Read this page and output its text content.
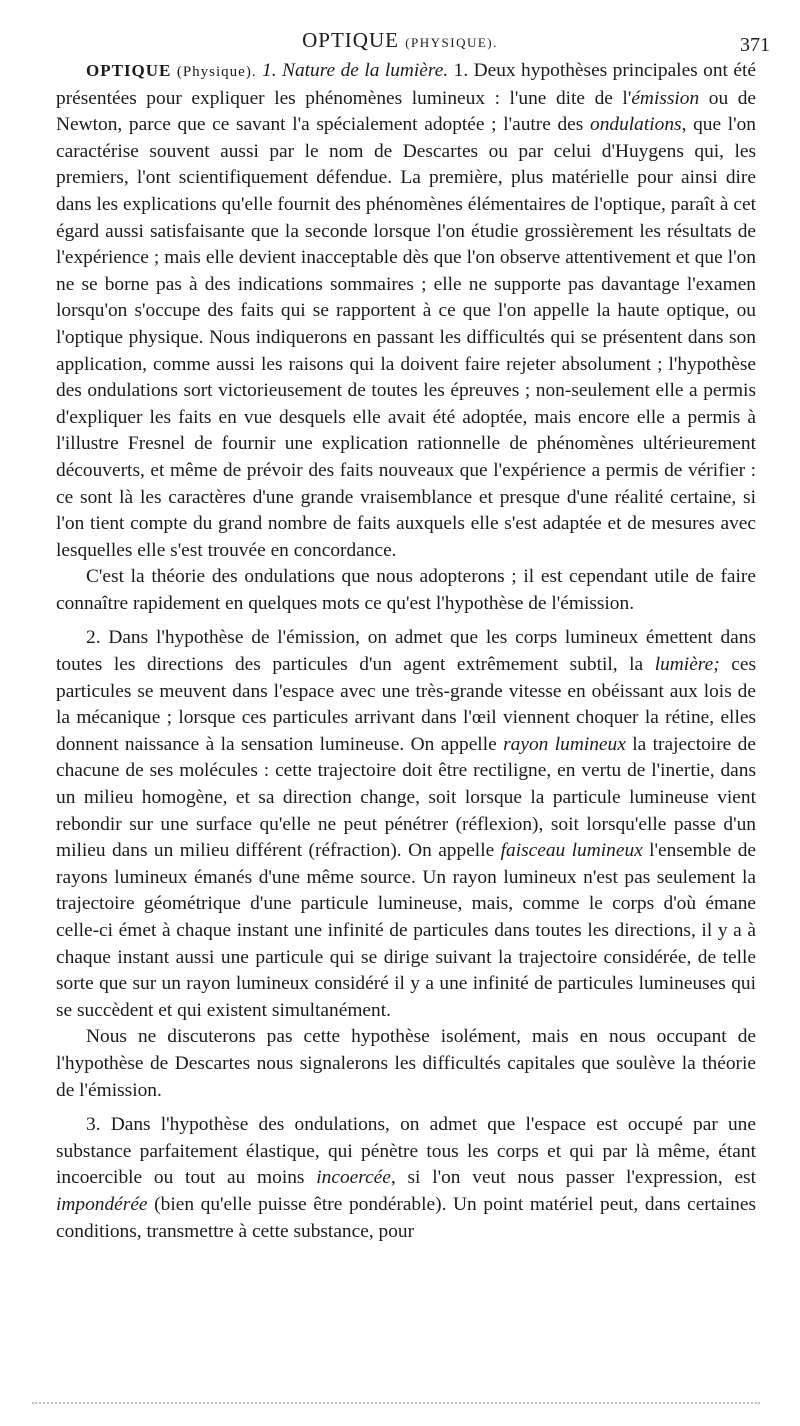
OPTIQUE (PHYSIQUE).	371

OPTIQUE (Physique). 1. Nature de la lumière. 1. Deux hypothèses principales ont été présentées pour expliquer les phénomènes lumineux : l'une dite de l'émission ou de Newton, parce que ce savant l'a spécialement adoptée ; l'autre des ondulations, que l'on caractérise souvent aussi par le nom de Descartes ou par celui d'Huygens qui, les premiers, l'ont scientifiquement défendue. La première, plus matérielle pour ainsi dire dans les explications qu'elle fournit des phénomènes élémentaires de l'optique, paraît à cet égard aussi satisfaisante que la seconde lorsque l'on étudie grossièrement les résultats de l'expérience ; mais elle devient inacceptable dès que l'on observe attentivement et que l'on ne se borne pas à des indications sommaires ; elle ne supporte pas davantage l'examen lorsqu'on s'occupe des faits qui se rapportent à ce que l'on appelle la haute optique, ou l'optique physique. Nous indiquerons en passant les difficultés qui se présentent dans son application, comme aussi les raisons qui la doivent faire rejeter absolument ; l'hypothèse des ondulations sort victorieusement de toutes les épreuves ; non-seulement elle a permis d'expliquer les faits en vue desquels elle avait été adoptée, mais encore elle a permis à l'illustre Fresnel de fournir une explication rationnelle de phénomènes ultérieurement découverts, et même de prévoir des faits nouveaux que l'expérience a permis de vérifier : ce sont là les caractères d'une grande vraisemblance et presque d'une réalité certaine, si l'on tient compte du grand nombre de faits auxquels elle s'est adaptée et de mesures avec lesquelles elle s'est trouvée en concordance.

C'est la théorie des ondulations que nous adopterons ; il est cependant utile de faire connaître rapidement en quelques mots ce qu'est l'hypothèse de l'émission.

2. Dans l'hypothèse de l'émission, on admet que les corps lumineux émettent dans toutes les directions des particules d'un agent extrêmement subtil, la lumière; ces particules se meuvent dans l'espace avec une très-grande vitesse en obéissant aux lois de la mécanique ; lorsque ces particules arrivant dans l'œil viennent choquer la rétine, elles donnent naissance à la sensation lumineuse. On appelle rayon lumineux la trajectoire de chacune de ses molécules : cette trajectoire doit être rectiligne, en vertu de l'inertie, dans un milieu homogène, et sa direction change, soit lorsque la particule lumineuse vient rebondir sur une surface qu'elle ne peut pénétrer (réflexion), soit lorsqu'elle passe d'un milieu dans un milieu différent (réfraction). On appelle faisceau lumineux l'ensemble de rayons lumineux émanés d'une même source. Un rayon lumineux n'est pas seulement la trajectoire géométrique d'une particule lumineuse, mais, comme le corps d'où émane celle-ci émet à chaque instant une infinité de particules dans toutes les directions, il y a à chaque instant aussi une particule qui se dirige suivant la trajectoire considérée, de telle sorte que sur un rayon lumineux considéré il y a une infinité de particules lumineuses qui se succèdent et qui existent simultanément.

Nous ne discuterons pas cette hypothèse isolément, mais en nous occupant de l'hypothèse de Descartes nous signalerons les difficultés capitales que soulève la théorie de l'émission.

3. Dans l'hypothèse des ondulations, on admet que l'espace est occupé par une substance parfaitement élastique, qui pénètre tous les corps et qui par là même, étant incoercible ou tout au moins incoercée, si l'on veut nous passer l'expression, est impondérée (bien qu'elle puisse être pondérable). Un point matériel peut, dans certaines conditions, transmettre à cette substance, pour
